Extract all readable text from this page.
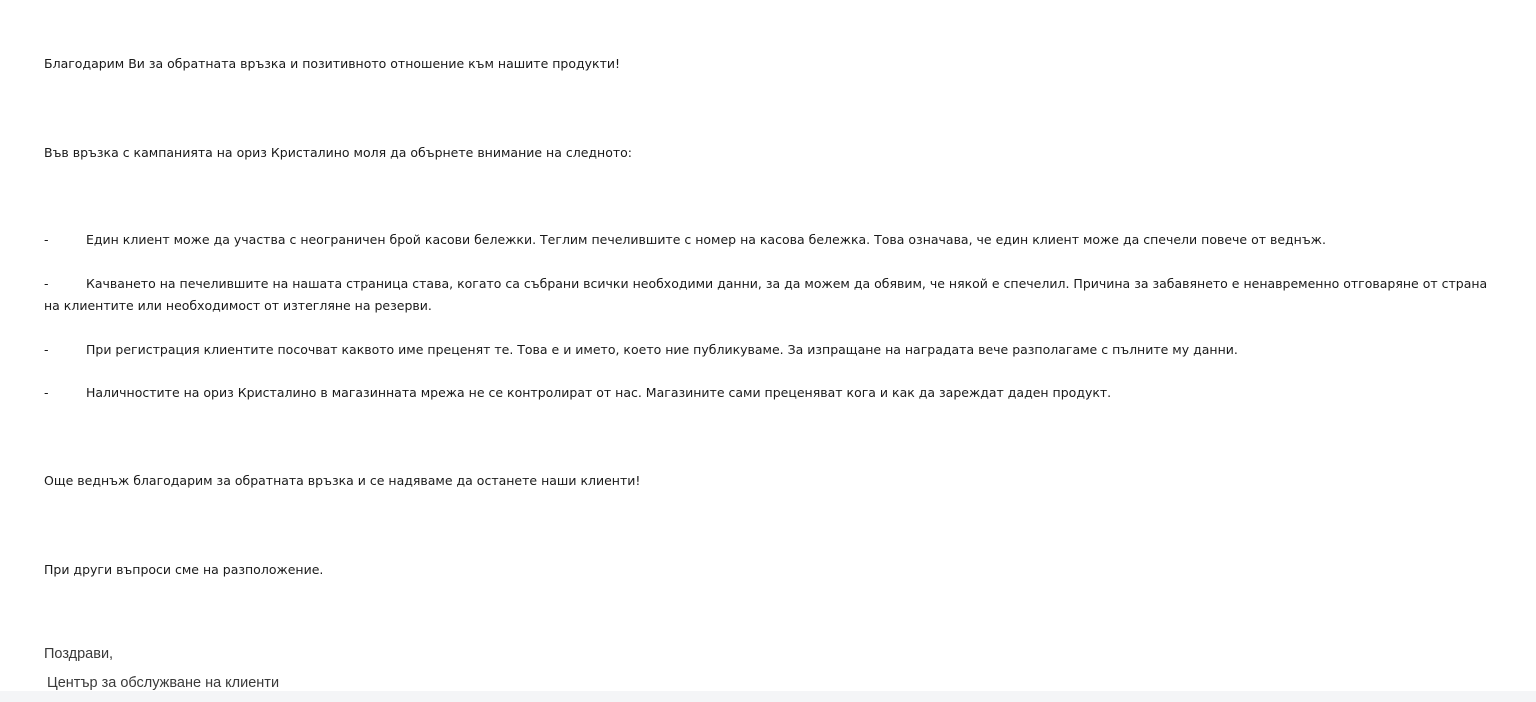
Благодарим Ви за обратната връзка и позитивното отношение към нашите продукти!

Във връзка с кампанията на ориз Кристалино моля да обърнете внимание на следното:

-	Един клиент може да участва с неограничен брой касови бележки. Теглим печелившите с номер на касова бележка. Това означава, че един клиент може да спечели повече от веднъж.

-	Качването на печелившите на нашата страница става, когато са събрани всички необходими данни, за да можем да обявим, че някой е спечелил. Причина за забавянето е ненавременно отговаряне от страна на клиентите или необходимост от изтегляне на резерви.

-	При регистрация клиентите посочват каквото име преценят те. Това е и името, което ние публикуваме. За изпращане на наградата вече разполагаме с пълните му данни.

-	Наличностите на ориз Кристалино в магазинната мрежа не се контролират от нас. Магазините сами преценяват кога и как да зареждат даден продукт.

Още веднъж благодарим за обратната връзка и се надяваме да останете наши клиенти!

При други въпроси сме на разположение.

Поздрави,

Център за обслужване на клиенти
